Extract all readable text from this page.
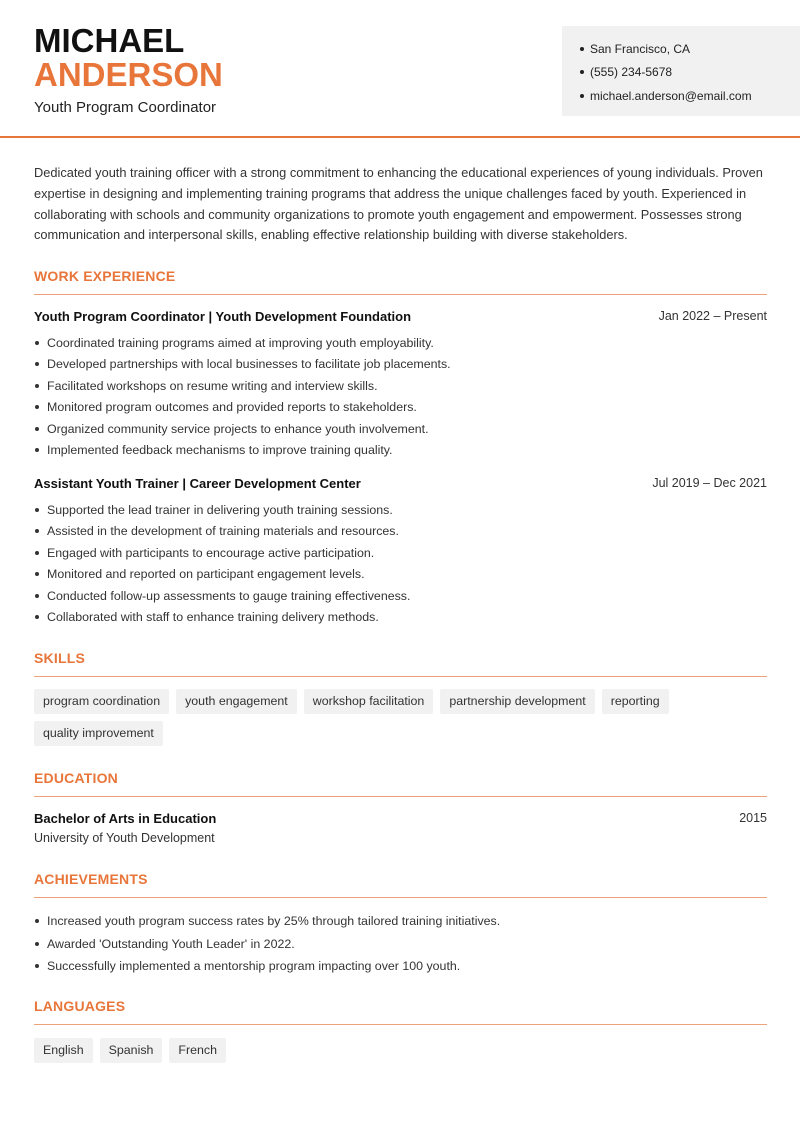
MICHAEL
ANDERSON
Youth Program Coordinator
San Francisco, CA
(555) 234-5678
michael.anderson@email.com
Dedicated youth training officer with a strong commitment to enhancing the educational experiences of young individuals. Proven expertise in designing and implementing training programs that address the unique challenges faced by youth. Experienced in collaborating with schools and community organizations to promote youth engagement and empowerment. Possesses strong communication and interpersonal skills, enabling effective relationship building with diverse stakeholders.
WORK EXPERIENCE
Youth Program Coordinator | Youth Development Foundation	Jan 2022 – Present
Coordinated training programs aimed at improving youth employability.
Developed partnerships with local businesses to facilitate job placements.
Facilitated workshops on resume writing and interview skills.
Monitored program outcomes and provided reports to stakeholders.
Organized community service projects to enhance youth involvement.
Implemented feedback mechanisms to improve training quality.
Assistant Youth Trainer | Career Development Center	Jul 2019 – Dec 2021
Supported the lead trainer in delivering youth training sessions.
Assisted in the development of training materials and resources.
Engaged with participants to encourage active participation.
Monitored and reported on participant engagement levels.
Conducted follow-up assessments to gauge training effectiveness.
Collaborated with staff to enhance training delivery methods.
SKILLS
program coordination	youth engagement	workshop facilitation	partnership development	reporting
quality improvement
EDUCATION
Bachelor of Arts in Education	2015
University of Youth Development
ACHIEVEMENTS
Increased youth program success rates by 25% through tailored training initiatives.
Awarded 'Outstanding Youth Leader' in 2022.
Successfully implemented a mentorship program impacting over 100 youth.
LANGUAGES
English	Spanish	French
